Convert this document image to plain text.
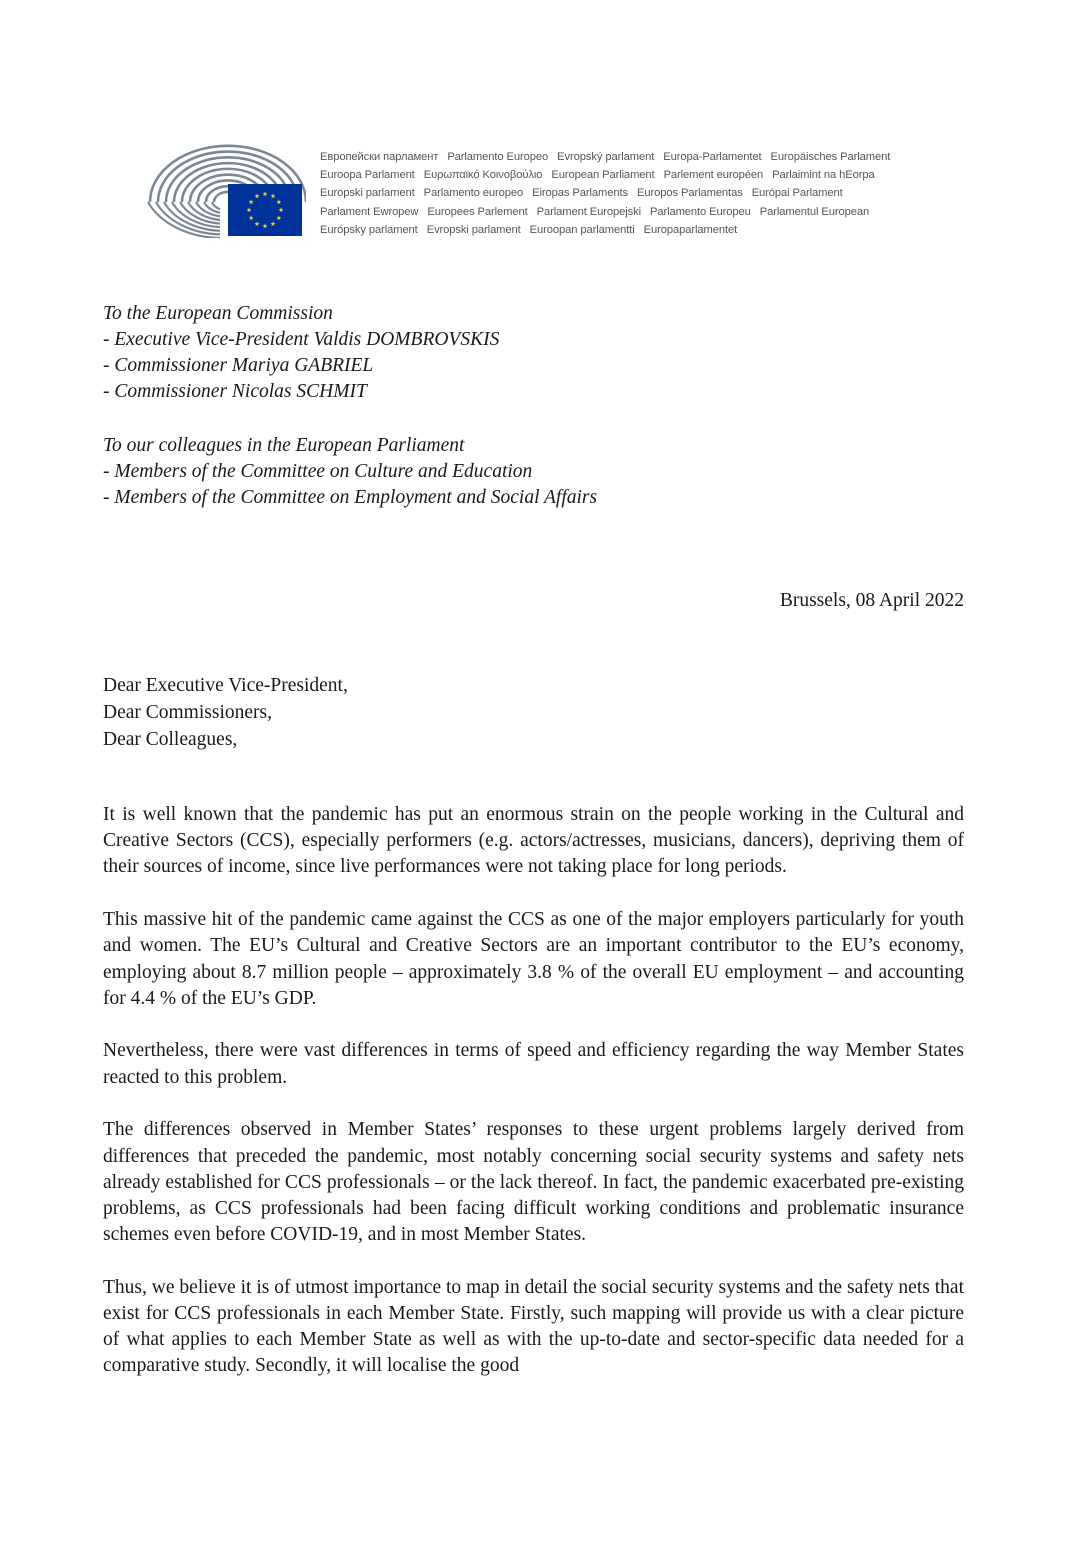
Европейски парламент Parlamento Europeo Evropský parlament Europa-Parlamentet Europäisches Parlament
Euroopa Parlament Ευρωπαϊκό Κοινοβούλιο European Parliament Parlement européen Parlaimint na hEorpa
Europski parlament Parlamento europeo Eiropas Parlaments Europos Parlamentas Európai Parlament
Parlament Ewropew Europees Parlement Parlament Europejski Parlamento Europeu Parlamentul European
Európsky parlament Evropski parlament Euroopan parlamentti Europaparlamentet
To the European Commission
- Executive Vice-President Valdis DOMBROVSKIS
- Commissioner Mariya GABRIEL
- Commissioner Nicolas SCHMIT
To our colleagues in the European Parliament
- Members of the Committee on Culture and Education
- Members of the Committee on Employment and Social Affairs
Brussels, 08 April 2022
Dear Executive Vice-President,
Dear Commissioners,
Dear Colleagues,

It is well known that the pandemic has put an enormous strain on the people working in the Cultural and Creative Sectors (CCS), especially performers (e.g. actors/actresses, musicians, dancers), depriving them of their sources of income, since live performances were not taking place for long periods.

This massive hit of the pandemic came against the CCS as one of the major employers particularly for youth and women. The EU’s Cultural and Creative Sectors are an important contributor to the EU’s economy, employing about 8.7 million people – approximately 3.8 % of the overall EU employment – and accounting for 4.4 % of the EU’s GDP.

Nevertheless, there were vast differences in terms of speed and efficiency regarding the way Member States reacted to this problem.

The differences observed in Member States’ responses to these urgent problems largely derived from differences that preceded the pandemic, most notably concerning social security systems and safety nets already established for CCS professionals – or the lack thereof. In fact, the pandemic exacerbated pre-existing problems, as CCS professionals had been facing difficult working conditions and problematic insurance schemes even before COVID-19, and in most Member States.

Thus, we believe it is of utmost importance to map in detail the social security systems and the safety nets that exist for CCS professionals in each Member State. Firstly, such mapping will provide us with a clear picture of what applies to each Member State as well as with the up-to-date and sector-specific data needed for a comparative study. Secondly, it will localise the good
